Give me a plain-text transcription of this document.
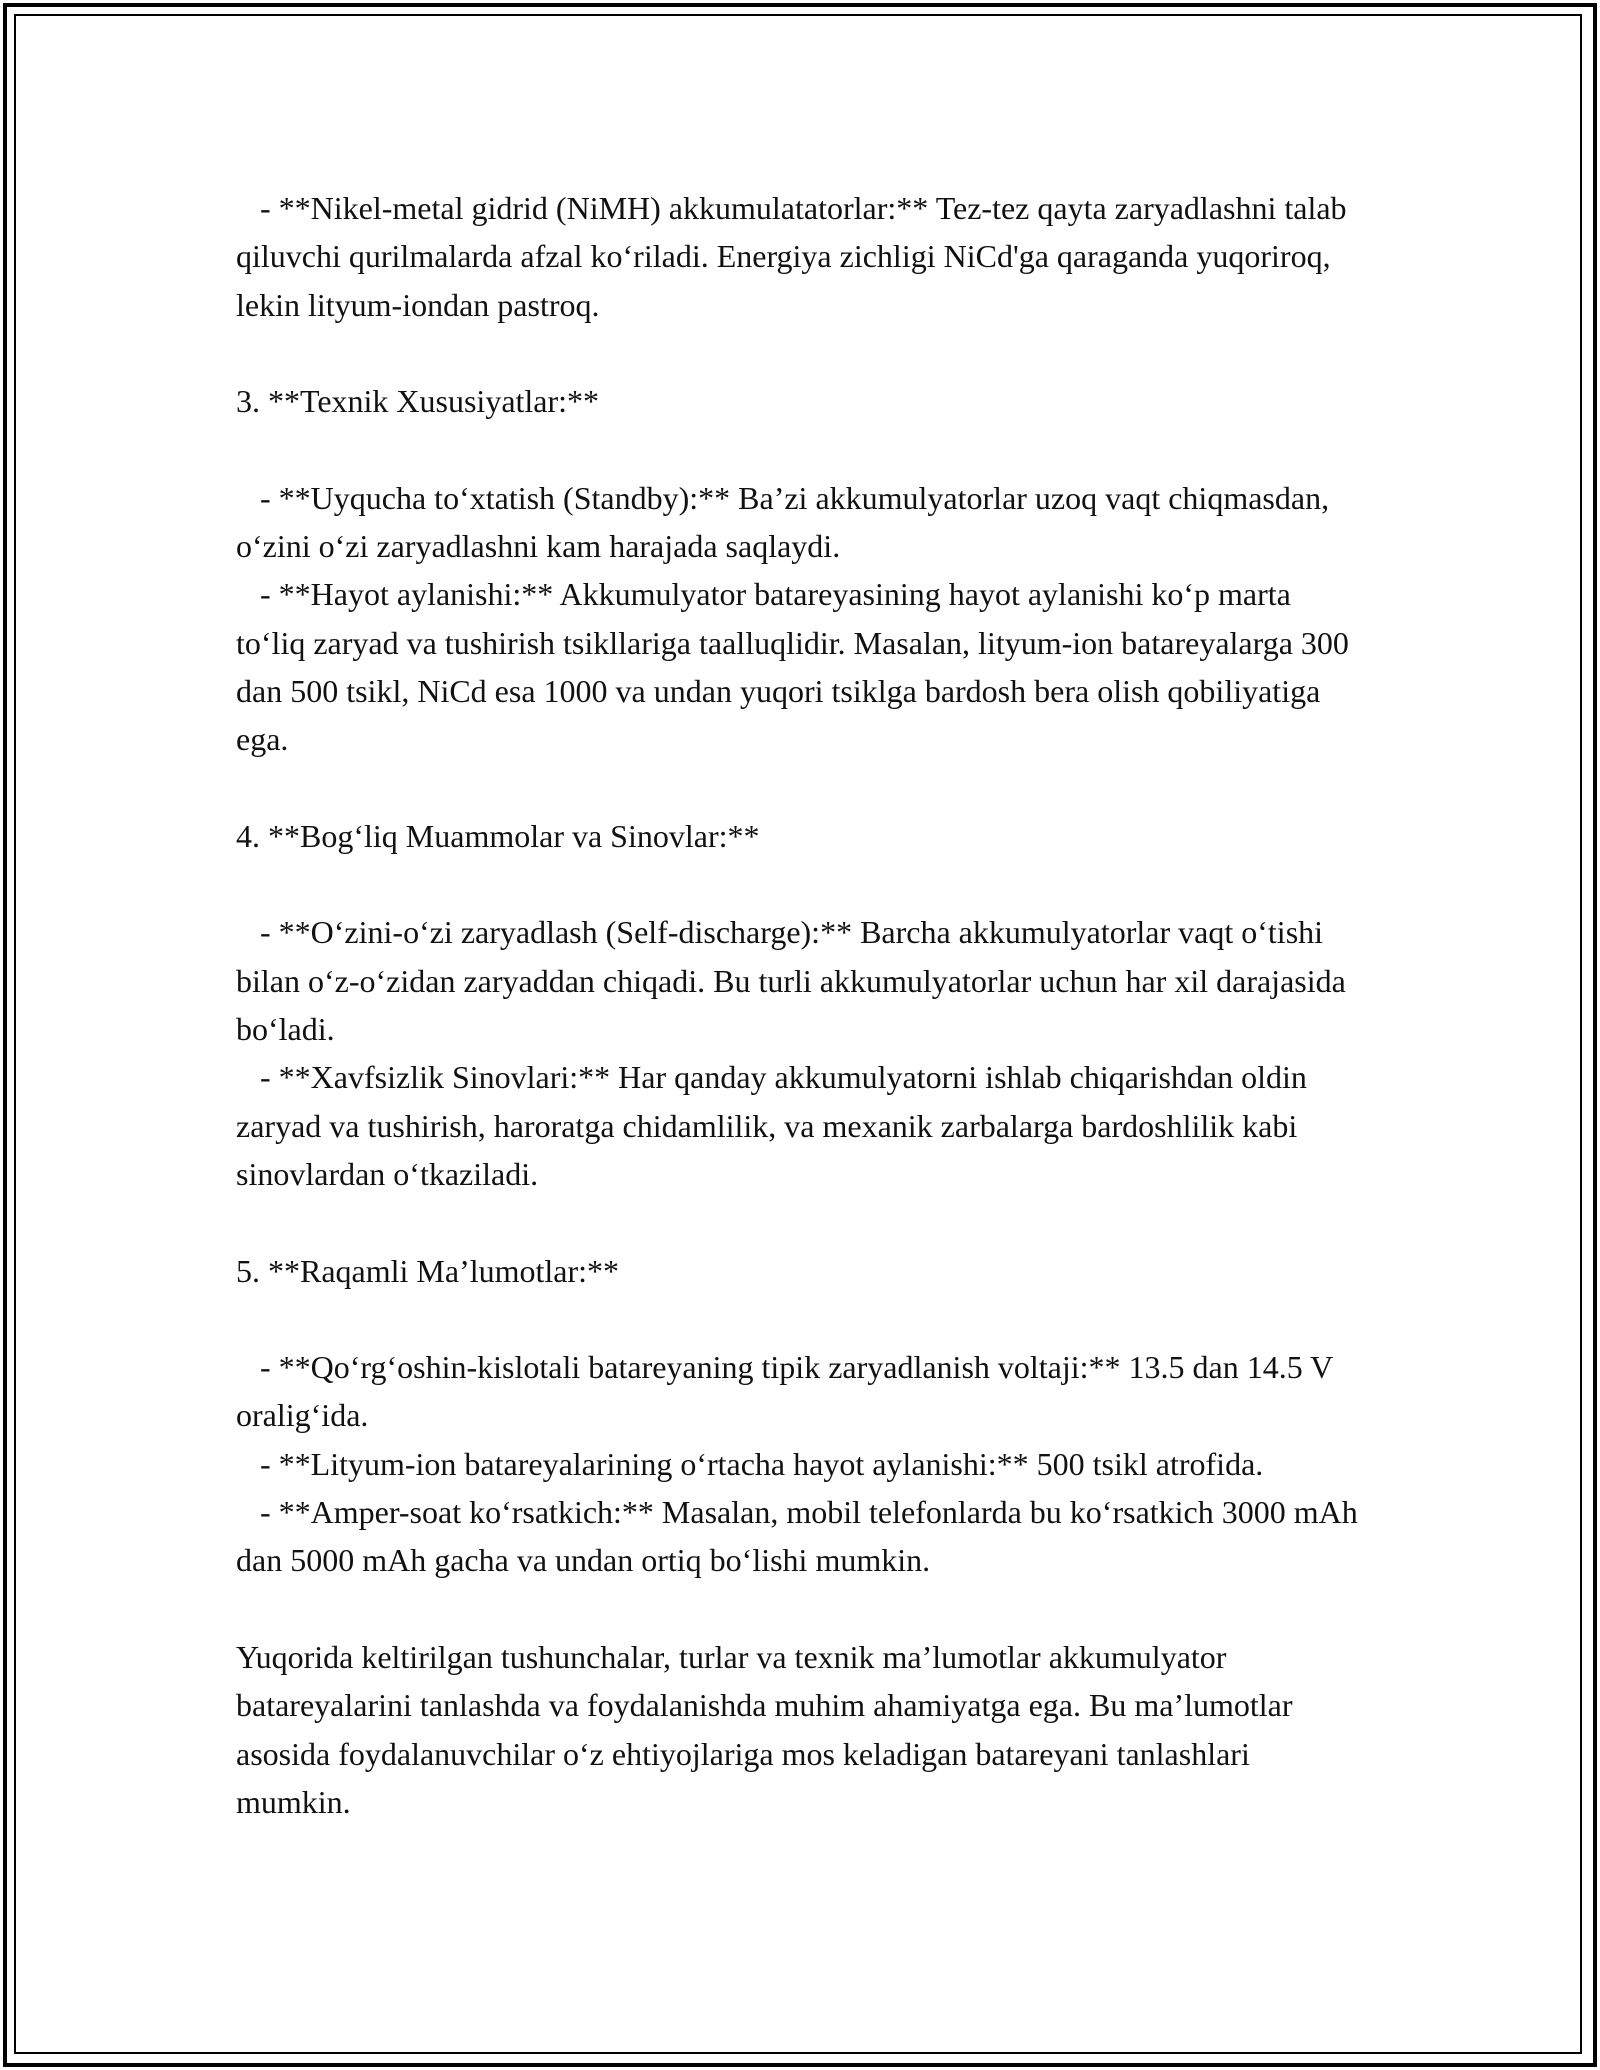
- **Nikel-metal gidrid (NiMH) akkumulatatorlar:** Tez-tez qayta zaryadlashni talab qiluvchi qurilmalarda afzal ko‘riladi. Energiya zichligi NiCd'ga qaraganda yuqoriroq, lekin lityum-iondan pastroq.

3. **Texnik Xususiyatlar:**

- **Uyqucha to‘xtatish (Standby):** Ba’zi akkumulyatorlar uzoq vaqt chiqmasdan, o‘zini o‘zi zaryadlashni kam harajada saqlaydi.

- **Hayot aylanishi:** Akkumulyator batareyasining hayot aylanishi ko‘p marta to‘liq zaryad va tushirish tsikllariga taalluqlidir. Masalan, lityum-ion batareyalarga 300 dan 500 tsikl, NiCd esa 1000 va undan yuqori tsiklga bardosh bera olish qobiliyatiga ega.

4. **Bog‘liq Muammolar va Sinovlar:**

- **O‘zini-o‘zi zaryadlash (Self-discharge):** Barcha akkumulyatorlar vaqt o‘tishi bilan o‘z-o‘zidan zaryaddan chiqadi. Bu turli akkumulyatorlar uchun har xil darajasida bo‘ladi.

- **Xavfsizlik Sinovlari:** Har qanday akkumulyatorni ishlab chiqarishdan oldin zaryad va tushirish, haroratga chidamlilik, va mexanik zarbalarga bardoshlilik kabi sinovlardan o‘tkaziladi.

5. **Raqamli Ma’lumotlar:**

- **Qo‘rg‘oshin-kislotali batareyaning tipik zaryadlanish voltaji:** 13.5 dan 14.5 V oralig‘ida.

- **Lityum-ion batareyalarining o‘rtacha hayot aylanishi:** 500 tsikl atrofida.

- **Amper-soat ko‘rsatkich:** Masalan, mobil telefonlarda bu ko‘rsatkich 3000 mAh dan 5000 mAh gacha va undan ortiq bo‘lishi mumkin.

Yuqorida keltirilgan tushunchalar, turlar va texnik ma’lumotlar akkumulyator batareyalarini tanlashda va foydalanishda muhim ahamiyatga ega. Bu ma’lumotlar asosida foydalanuvchilar o‘z ehtiyojlariga mos keladigan batareyani tanlashlari mumkin.
